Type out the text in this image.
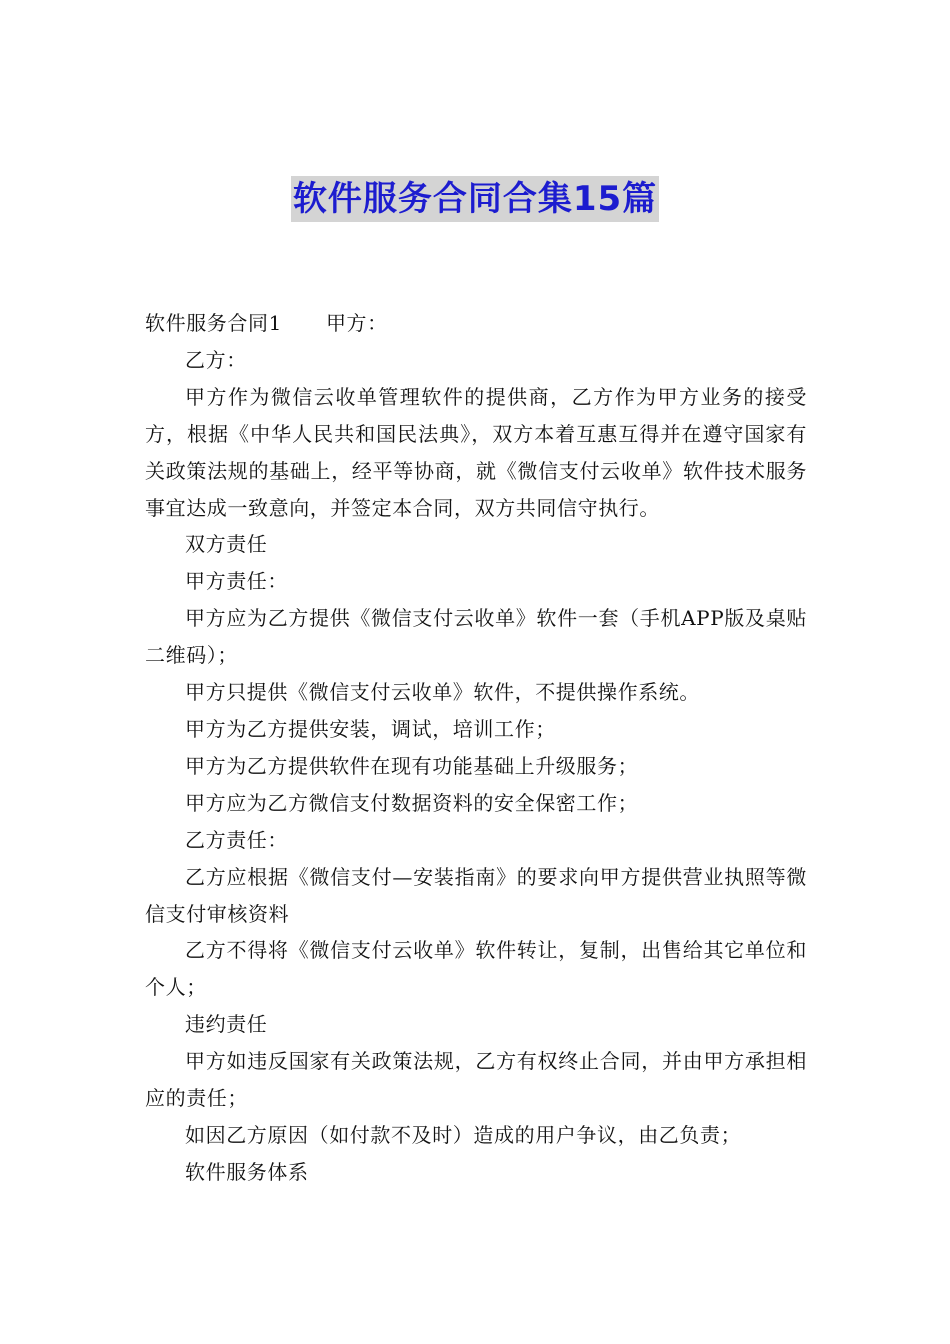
软件服务合同合集15篇

软件服务合同1 甲方：

乙方：

甲方作为微信云收单管理软件的提供商，乙方作为甲方业务的接受方，根据《中华人民共和国民法典》，双方本着互惠互得并在遵守国家有关政策法规的基础上，经平等协商，就《微信支付云收单》软件技术服务事宜达成一致意向，并签定本合同，双方共同信守执行。

双方责任

甲方责任：

甲方应为乙方提供《微信支付云收单》软件一套（手机APP版及桌贴二维码）；

甲方只提供《微信支付云收单》软件，不提供操作系统。

甲方为乙方提供安装，调试，培训工作；

甲方为乙方提供软件在现有功能基础上升级服务；

甲方应为乙方微信支付数据资料的安全保密工作；

乙方责任：

乙方应根据《微信支付—安装指南》的要求向甲方提供营业执照等微信支付审核资料

乙方不得将《微信支付云收单》软件转让，复制，出售给其它单位和个人；

违约责任

甲方如违反国家有关政策法规，乙方有权终止合同，并由甲方承担相应的责任；

如因乙方原因（如付款不及时）造成的用户争议，由乙负责；

软件服务体系
